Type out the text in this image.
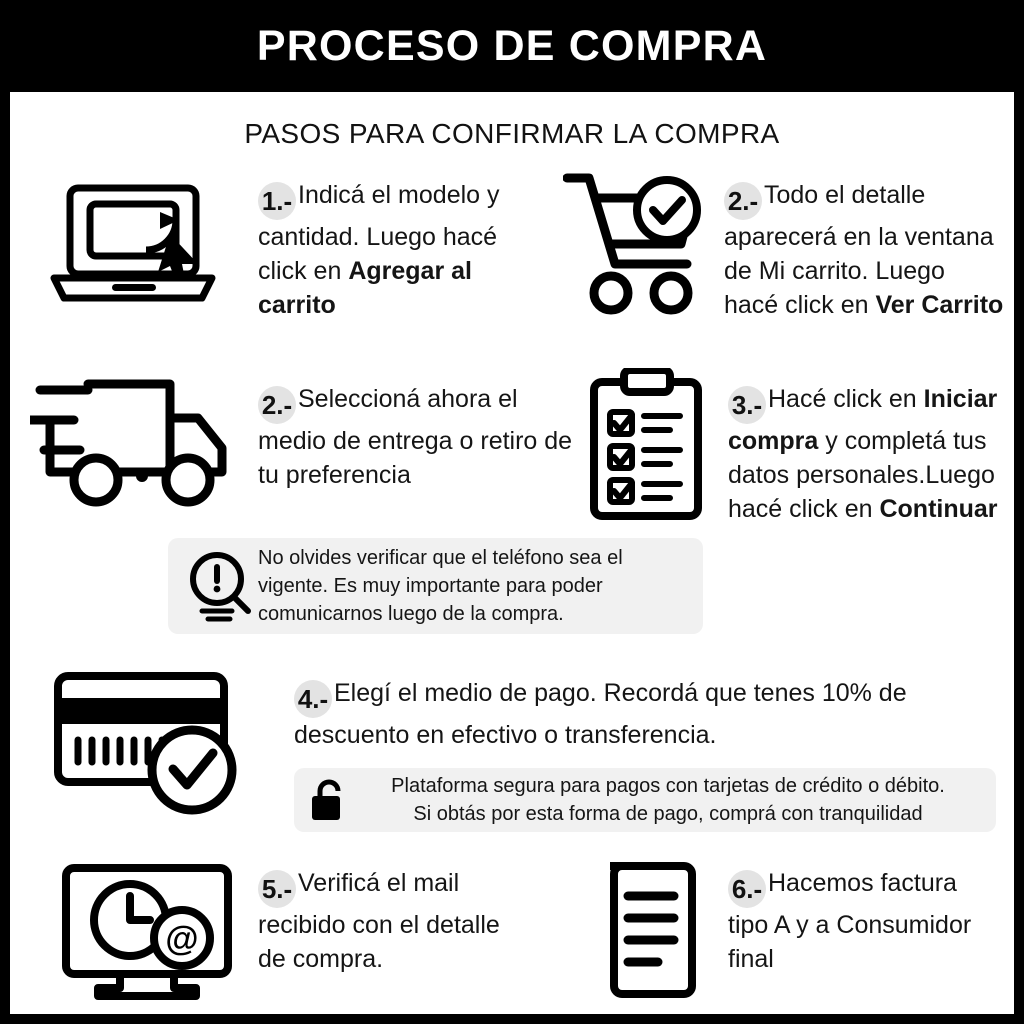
PROCESO DE COMPRA
PASOS PARA CONFIRMAR LA COMPRA
1.- Indicá el modelo y cantidad. Luego hacé click en Agregar al carrito
2.- Todo el detalle aparecerá en la ventana de Mi carrito. Luego hacé click en Ver Carrito
2.- Seleccioná ahora el medio de entrega o retiro de tu preferencia
3.- Hacé click en Iniciar compra y completá tus datos personales.Luego hacé click en Continuar
No olvides verificar que el teléfono sea el vigente. Es muy importante para poder comunicarnos luego de la compra.
4.- Elegí el medio de pago. Recordá que tenes 10% de descuento en efectivo o transferencia.
Plataforma segura para pagos con tarjetas de crédito o débito.
Si obtás por esta forma de pago, comprá con tranquilidad
@
5.- Verificá el mail recibido con el detalle de compra.
6.- Hacemos factura tipo A y a Consumidor final
